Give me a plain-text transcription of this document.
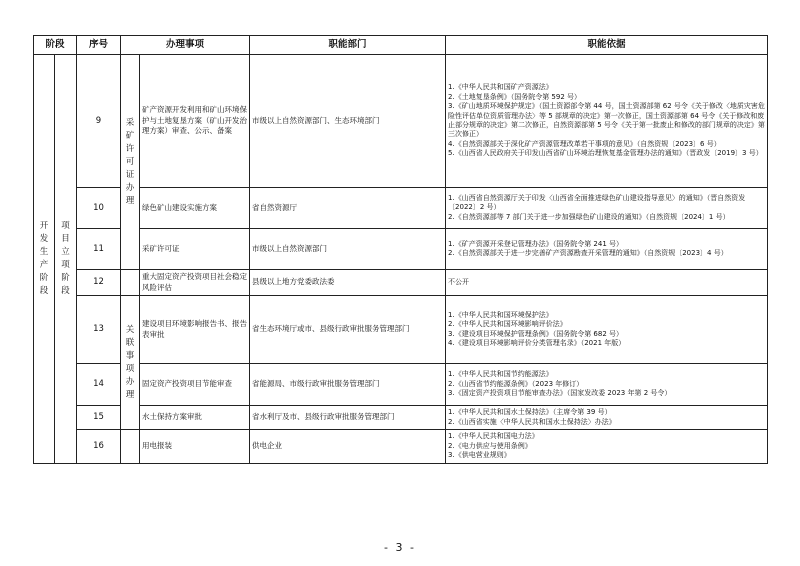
阶段		序号	办理事项		职能部门	职能依据
开发生产阶段	项目立项阶段	9	采矿许可证办理	矿产资源开发利用和矿山环境保护与土地复垦方案（矿山开发治理方案）审查、公示、备案	市级以上自然资源部门、生态环境部门	1.《中华人民共和国矿产资源法》
2.《土地复垦条例》（国务院令第 592 号）
3.《矿山地质环境保护规定》（国土资源部令第 44 号，国土资源部第 62 号令《关于修改〈地质灾害危险性评估单位资质管理办法〉等 5 部规章的决定》第一次修正，国土资源部第 64 号令《关于修改和废止部分规章的决定》第二次修正，自然资源部第 5 号令《关于第一批废止和修改的部门规章的决定》第三次修正）
4.《自然资源部关于深化矿产资源管理改革若干事项的意见》（自然资规〔2023〕6 号）
5.《山西省人民政府关于印发山西省矿山环境治理恢复基金管理办法的通知》（晋政发〔2019〕3 号）

		10		绿色矿山建设实施方案	省自然资源厅	1.《山西省自然资源厅关于印发〈山西省全面推进绿色矿山建设指导意见〉的通知》（晋自然资发〔2022〕2 号）
2.《自然资源部等 7 部门关于进一步加强绿色矿山建设的通知》（自然资规〔2024〕1 号）

		11		采矿许可证	市级以上自然资源部门	1.《矿产资源开采登记管理办法》（国务院令第 241 号）
2.《自然资源部关于进一步完善矿产资源勘查开采管理的通知》（自然资规〔2023〕4 号）

		12		重大固定资产投资项目社会稳定风险评估	县级以上地方党委政法委	不公开

		13	关联事项办理	建设项目环境影响报告书、报告表审批	省生态环境厅或市、县级行政审批服务管理部门	1.《中华人民共和国环境保护法》
2.《中华人民共和国环境影响评价法》
3.《建设项目环境保护管理条例》（国务院令第 682 号）
4.《建设项目环境影响评价分类管理名录》（2021 年版）

		14		固定资产投资项目节能审查	省能源局、市级行政审批服务管理部门	1.《中华人民共和国节约能源法》
2.《山西省节约能源条例》（2023 年修订）
3.《固定资产投资项目节能审查办法》（国家发改委 2023 年第 2 号令）

		15		水土保持方案审批	省水利厅及市、县级行政审批服务管理部门	1.《中华人民共和国水土保持法》（主席令第 39 号）
2.《山西省实施〈中华人民共和国水土保持法〉办法》

		16		用电报装	供电企业	1.《中华人民共和国电力法》
2.《电力供应与使用条例》
3.《供电营业规则》
- 3 -
